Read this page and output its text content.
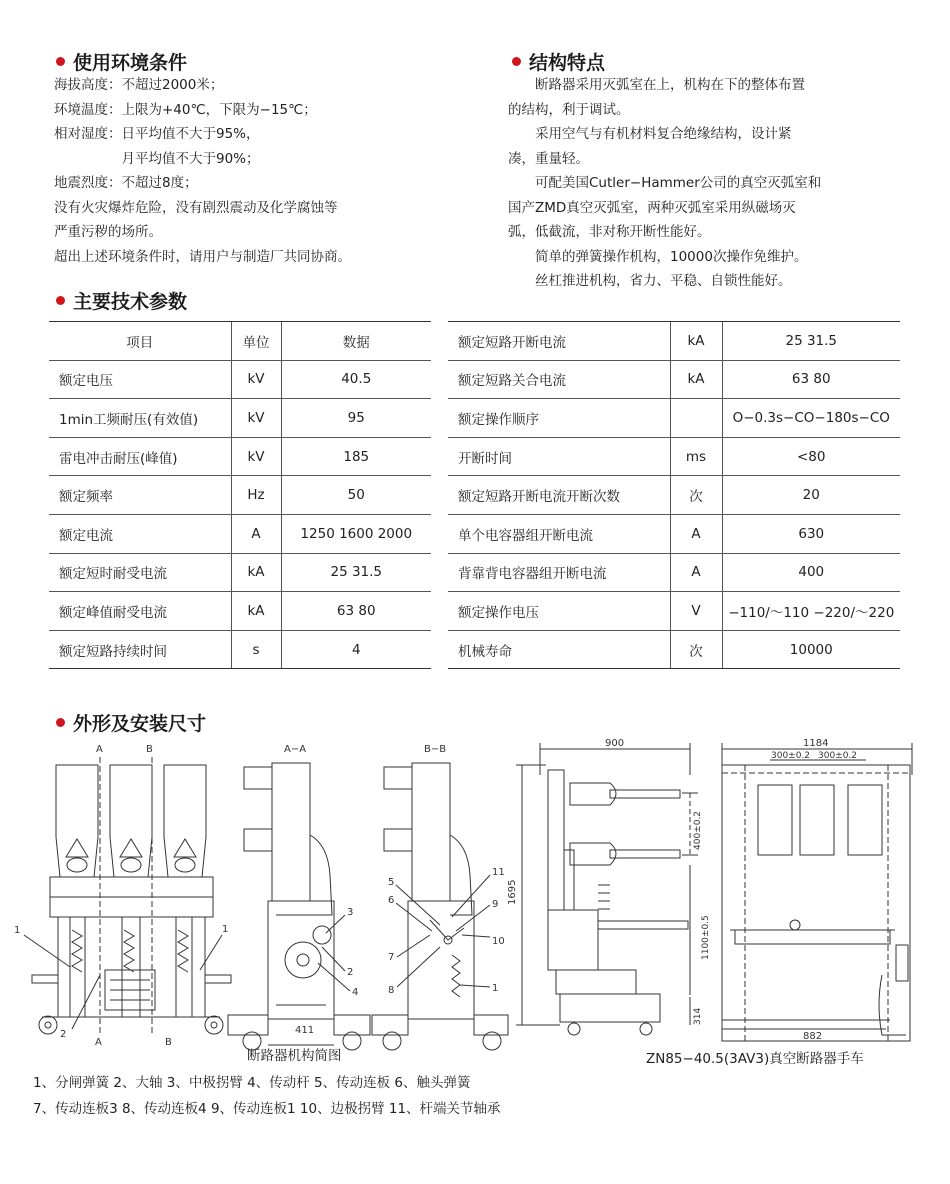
使用环境条件
海拔高度：不超过2000米；
环境温度：上限为+40℃，下限为−15℃；
相对湿度：日平均值不大于95%，
　　　　　月平均值不大于90%；
地震烈度：不超过8度；
没有火灾爆炸危险，没有剧烈震动及化学腐蚀等
严重污秽的场所。
超出上述环境条件时，请用户与制造厂共同协商。
结构特点
　　断路器采用灭弧室在上，机构在下的整体布置
的结构，利于调试。
　　采用空气与有机材料复合绝缘结构，设计紧
凑，重量轻。
　　可配美国Cutler−Hammer公司的真空灭弧室和
国产ZMD真空灭弧室，两种灭弧室采用纵磁场灭
弧，低截流，非对称开断性能好。
　　简单的弹簧操作机构，10000次操作免维护。
　　丝杠推进机构，省力、平稳、自锁性能好。
主要技术参数
项目	单位	数据
额定电压	kV	40.5
1min工频耐压(有效值)	kV	95
雷电冲击耐压(峰值)	kV	185
额定频率	Hz	50
额定电流	A	1250 1600 2000
额定短时耐受电流	kA	25 31.5
额定峰值耐受电流	kA	63 80
额定短路持续时间	s	4
额定短路开断电流	kA	25 31.5
额定短路关合电流	kA	63 80
额定操作顺序		O−0.3s−CO−180s−CO
开断时间	ms	<80
额定短路开断电流开断次数	次	20
单个电容器组开断电流	A	630
背靠背电容器组开断电流	A	400
额定操作电压	V	−110/～110 −220/～220
机械寿命	次	10000
外形及安装尺寸
A	B
1
2
1
A	B
A−A
411
3
2
4
B−B
5
6
7
8
11
9
10
1
900
1695
400±0.2
1100±0.5
314
1184
300±0.2 300±0.2
882
断路器机构简图	ZN85−40.5(3AV3)真空断路器手车
1、分闸弹簧 2、大轴 3、中极拐臂 4、传动杆 5、传动连板 6、触头弹簧
7、传动连板3 8、传动连板4 9、传动连板1 10、边极拐臂 11、杆端关节轴承
